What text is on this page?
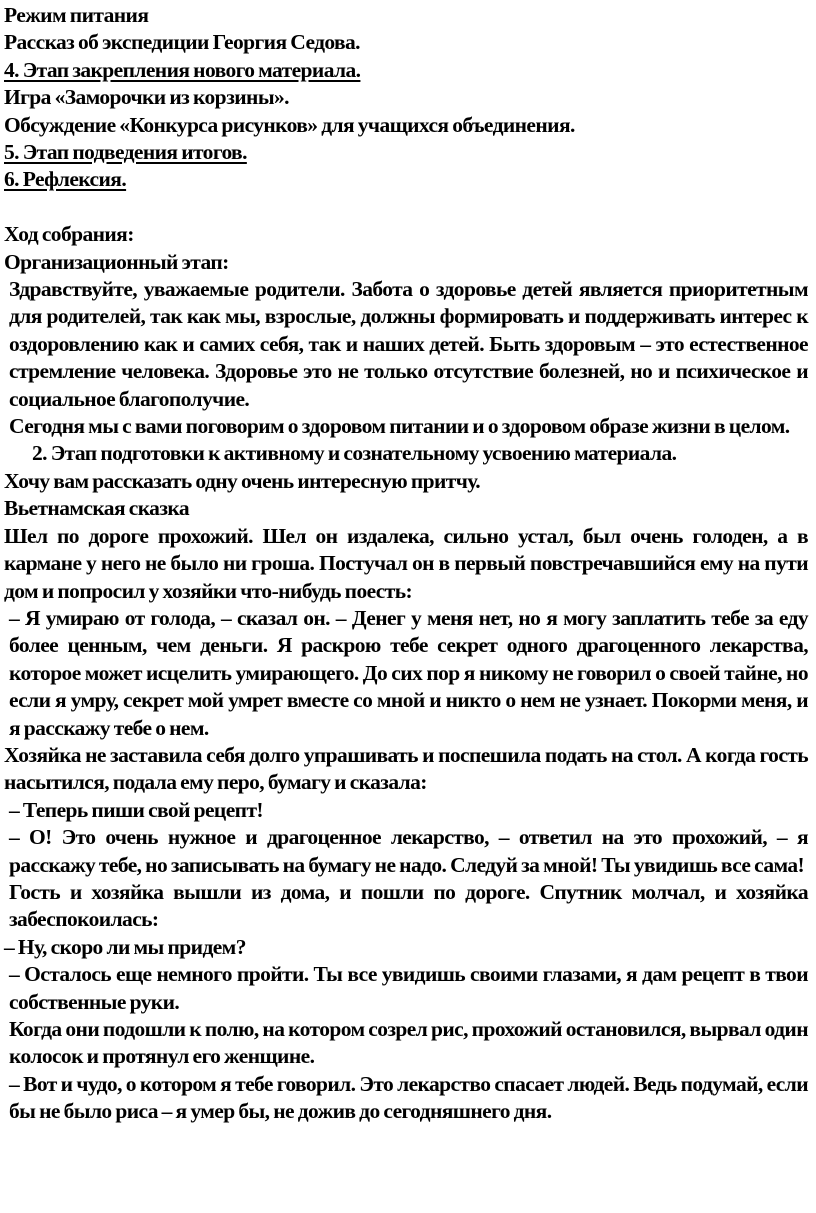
Режим питания
Рассказ об экспедиции Георгия Седова.
4. Этап закрепления нового материала.
Игра «Заморочки из корзины».
Обсуждение «Конкурса рисунков» для учащихся объединения.
5. Этап подведения итогов.
6. Рефлексия.
Ход собрания:
Организационный этап:

Здравствуйте, уважаемые родители. Забота о здоровье детей является приоритетным для родителей, так как мы, взрослые, должны формировать и поддерживать интерес к оздоровлению как и самих себя, так и наших детей. Быть здоровым – это естественное стремление человека. Здоровье это не только отсутствие болезней, но и психическое и социальное благополучие.

Сегодня мы с вами поговорим о здоровом питании и о здоровом образе жизни в целом.

2. Этап подготовки к активному и сознательному усвоению материала.
Хочу вам рассказать одну очень интересную притчу.
Вьетнамская сказка

Шел по дороге прохожий. Шел он издалека, сильно устал, был очень голоден, а в кармане у него не было ни гроша. Постучал он в первый повстречавшийся ему на пути дом и попросил у хозяйки что-нибудь поесть:

– Я умираю от голода, – сказал он. – Денег у меня нет, но я могу заплатить тебе за еду более ценным, чем деньги. Я раскрою тебе секрет одного драгоценного лекарства, которое может исцелить умирающего. До сих пор я никому не говорил о своей тайне, но если я умру, секрет мой умрет вместе со мной и никто о нем не узнает. Покорми меня, и я расскажу тебе о нем.

Хозяйка не заставила себя долго упрашивать и поспешила подать на стол. А когда гость насытился, подала ему перо, бумагу и сказала:

– Теперь пиши свой рецепт!

– О! Это очень нужное и драгоценное лекарство, – ответил на это прохожий, – я расскажу тебе, но записывать на бумагу не надо. Следуй за мной! Ты увидишь все сама!

Гость и хозяйка вышли из дома, и пошли по дороге. Спутник молчал, и хозяйка забеспокоилась:

– Ну, скоро ли мы придем?

– Осталось еще немного пройти. Ты все увидишь своими глазами, я дам рецепт в твои собственные руки.

Когда они подошли к полю, на котором созрел рис, прохожий остановился, вырвал один колосок и протянул его женщине.

– Вот и чудо, о котором я тебе говорил. Это лекарство спасает людей. Ведь подумай, если бы не было риса – я умер бы, не дожив до сегодняшнего дня.
